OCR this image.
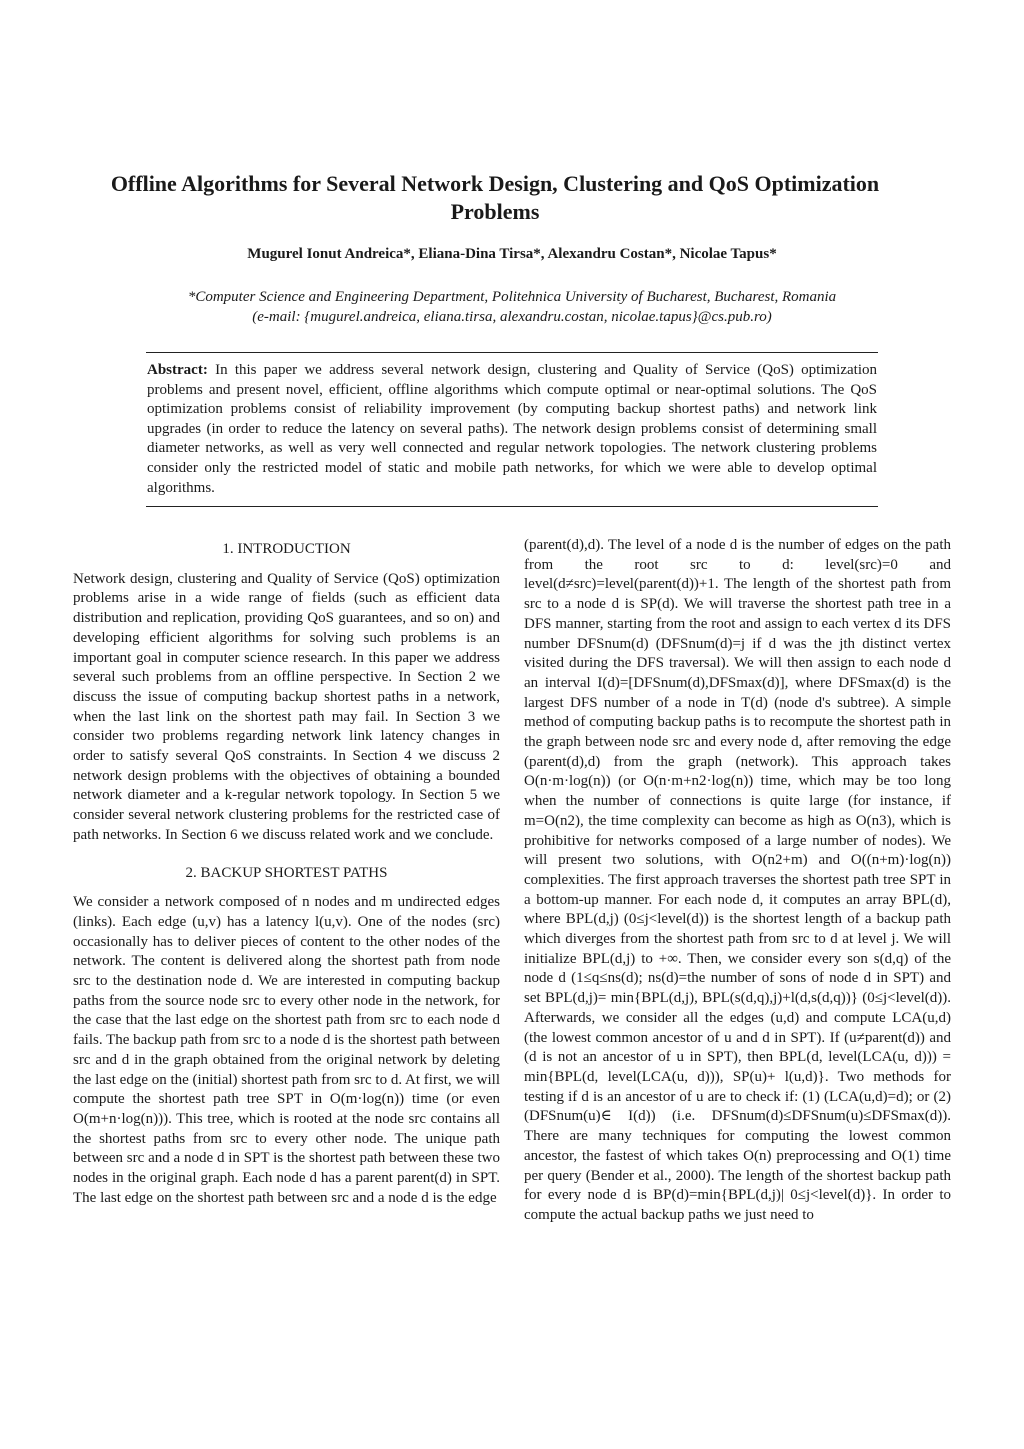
Offline Algorithms for Several Network Design, Clustering and QoS Optimization Problems
Mugurel Ionut Andreica*, Eliana-Dina Tirsa*, Alexandru Costan*, Nicolae Tapus*
*Computer Science and Engineering Department, Politehnica University of Bucharest, Bucharest, Romania
(e-mail: {mugurel.andreica, eliana.tirsa, alexandru.costan, nicolae.tapus}@cs.pub.ro)
Abstract: In this paper we address several network design, clustering and Quality of Service (QoS) optimization problems and present novel, efficient, offline algorithms which compute optimal or near-optimal solutions. The QoS optimization problems consist of reliability improvement (by computing backup shortest paths) and network link upgrades (in order to reduce the latency on several paths). The network design problems consist of determining small diameter networks, as well as very well connected and regular network topologies. The network clustering problems consider only the restricted model of static and mobile path networks, for which we were able to develop optimal algorithms.
1. INTRODUCTION

Network design, clustering and Quality of Service (QoS) optimization problems arise in a wide range of fields (such as efficient data distribution and replication, providing QoS guarantees, and so on) and developing efficient algorithms for solving such problems is an important goal in computer science research. In this paper we address several such problems from an offline perspective. In Section 2 we discuss the issue of computing backup shortest paths in a network, when the last link on the shortest path may fail. In Section 3 we consider two problems regarding network link latency changes in order to satisfy several QoS constraints. In Section 4 we discuss 2 network design problems with the objectives of obtaining a bounded network diameter and a k-regular network topology. In Section 5 we consider several network clustering problems for the restricted case of path networks. In Section 6 we discuss related work and we conclude.

2. BACKUP SHORTEST PATHS

We consider a network composed of n nodes and m undirected edges (links). Each edge (u,v) has a latency l(u,v). One of the nodes (src) occasionally has to deliver pieces of content to the other nodes of the network. The content is delivered along the shortest path from node src to the destination node d. We are interested in computing backup paths from the source node src to every other node in the network, for the case that the last edge on the shortest path from src to each node d fails. The backup path from src to a node d is the shortest path between src and d in the graph obtained from the original network by deleting the last edge on the (initial) shortest path from src to d. At first, we will compute the shortest path tree SPT in O(m·log(n)) time (or even O(m+n·log(n))). This tree, which is rooted at the node src contains all the shortest paths from src to every other node. The unique path between src and a node d in SPT is the shortest path between these two nodes in the original graph. Each node d has a parent parent(d) in SPT. The last edge on the shortest path between src and a node d is the edge

(parent(d),d). The level of a node d is the number of edges on the path from the root src to d: level(src)=0 and level(d≠src)=level(parent(d))+1. The length of the shortest path from src to a node d is SP(d). We will traverse the shortest path tree in a DFS manner, starting from the root and assign to each vertex d its DFS number DFSnum(d) (DFSnum(d)=j if d was the jth distinct vertex visited during the DFS traversal). We will then assign to each node d an interval I(d)=[DFSnum(d),DFSmax(d)], where DFSmax(d) is the largest DFS number of a node in T(d) (node d's subtree). A simple method of computing backup paths is to recompute the shortest path in the graph between node src and every node d, after removing the edge (parent(d),d) from the graph (network). This approach takes O(n·m·log(n)) (or O(n·m+n2·log(n)) time, which may be too long when the number of connections is quite large (for instance, if m=O(n2), the time complexity can become as high as O(n3), which is prohibitive for networks composed of a large number of nodes). We will present two solutions, with O(n2+m) and O((n+m)·log(n)) complexities. The first approach traverses the shortest path tree SPT in a bottom-up manner. For each node d, it computes an array BPL(d), where BPL(d,j) (0≤j<level(d)) is the shortest length of a backup path which diverges from the shortest path from src to d at level j. We will initialize BPL(d,j) to +∞. Then, we consider every son s(d,q) of the node d (1≤q≤ns(d); ns(d)=the number of sons of node d in SPT) and set BPL(d,j)= min{BPL(d,j), BPL(s(d,q),j)+l(d,s(d,q))} (0≤j<level(d)). Afterwards, we consider all the edges (u,d) and compute LCA(u,d) (the lowest common ancestor of u and d in SPT). If (u≠parent(d)) and (d is not an ancestor of u in SPT), then BPL(d, level(LCA(u, d))) = min{BPL(d, level(LCA(u, d))), SP(u)+ l(u,d)}. Two methods for testing if d is an ancestor of u are to check if: (1) (LCA(u,d)=d); or (2) (DFSnum(u)∈ I(d)) (i.e. DFSnum(d)≤DFSnum(u)≤DFSmax(d)). There are many techniques for computing the lowest common ancestor, the fastest of which takes O(n) preprocessing and O(1) time per query (Bender et al., 2000). The length of the shortest backup path for every node d is BP(d)=min{BPL(d,j)| 0≤j<level(d)}. In order to compute the actual backup paths we just need to
